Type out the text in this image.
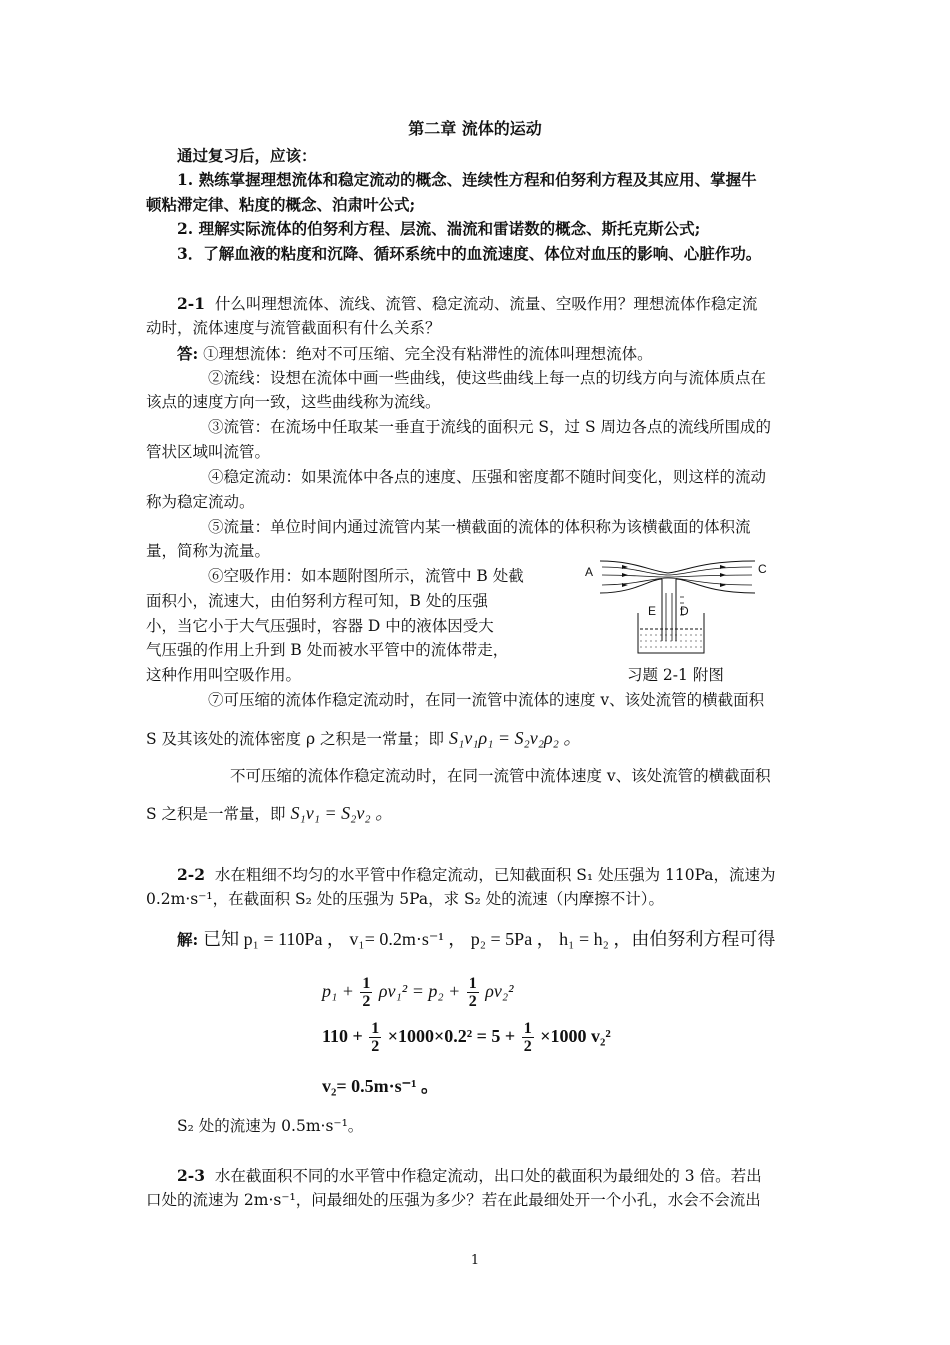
第二章 流体的运动
通过复习后，应该：
1. 熟练掌握理想流体和稳定流动的概念、连续性方程和伯努利方程及其应用、掌握牛
顿粘滞定律、粘度的概念、泊肃叶公式;
2. 理解实际流体的伯努利方程、层流、湍流和雷诺数的概念、斯托克斯公式;
3．了解血液的粘度和沉降、循环系统中的血流速度、体位对血压的影响、心脏作功。
2-1 什么叫理想流体、流线、流管、稳定流动、流量、空吸作用？理想流体作稳定流
动时，流体速度与流管截面积有什么关系？
答: ①理想流体：绝对不可压缩、完全没有粘滞性的流体叫理想流体。
②流线：设想在流体中画一些曲线，使这些曲线上每一点的切线方向与流体质点在
该点的速度方向一致，这些曲线称为流线。
③流管：在流场中任取某一垂直于流线的面积元 S，过 S 周边各点的流线所围成的
管状区域叫流管。
④稳定流动：如果流体中各点的速度、压强和密度都不随时间变化，则这样的流动
称为稳定流动。
⑤流量：单位时间内通过流管内某一横截面的流体的体积称为该横截面的体积流
量，简称为流量。
⑥空吸作用：如本题附图所示，流管中 B 处截
面积小，流速大，由伯努利方程可知，B 处的压强
小，当它小于大气压强时，容器 D 中的液体因受大
气压强的作用上升到 B 处而被水平管中的流体带走，
这种作用叫空吸作用。
A	C
E D
习题 2-1 附图
⑦可压缩的流体作稳定流动时，在同一流管中流体的速度 v、该处流管的横截面积
S 及其该处的流体密度 ρ 之积是一常量；即 S₁v₁ρ₁ = S₂v₂ρ₂ 。
不可压缩的流体作稳定流动时，在同一流管中流体速度 v、该处流管的横截面积
S 之积是一常量，即 S₁v₁ = S₂v₂ 。
2-2 水在粗细不均匀的水平管中作稳定流动，已知截面积 S₁ 处压强为 110Pa，流速为
0.2m·s⁻¹，在截面积 S₂ 处的压强为 5Pa，求 S₂ 处的流速（内摩擦不计）。
解: 已知 p₁ = 110Pa ， v₁= 0.2m·s⁻¹ ， p₂ = 5Pa ， h₁ = h₂ ，由伯努利方程可得
$p_1 + \frac{1}{2} \rho v_1^2 = p_2 + \frac{1}{2} \rho v_2^2$
$110 + \frac{1}{2} \times 1000\times 0.2^2 = 5 + \frac{1}{2} \times 1000$ v₂²
v₂= 0.5m·s⁻¹ 。
S₂ 处的流速为 0.5m·s⁻¹。
2-3 水在截面积不同的水平管中作稳定流动，出口处的截面积为最细处的 3 倍。若出
口处的流速为 2m·s⁻¹，问最细处的压强为多少？若在此最细处开一个小孔，水会不会流出
1
